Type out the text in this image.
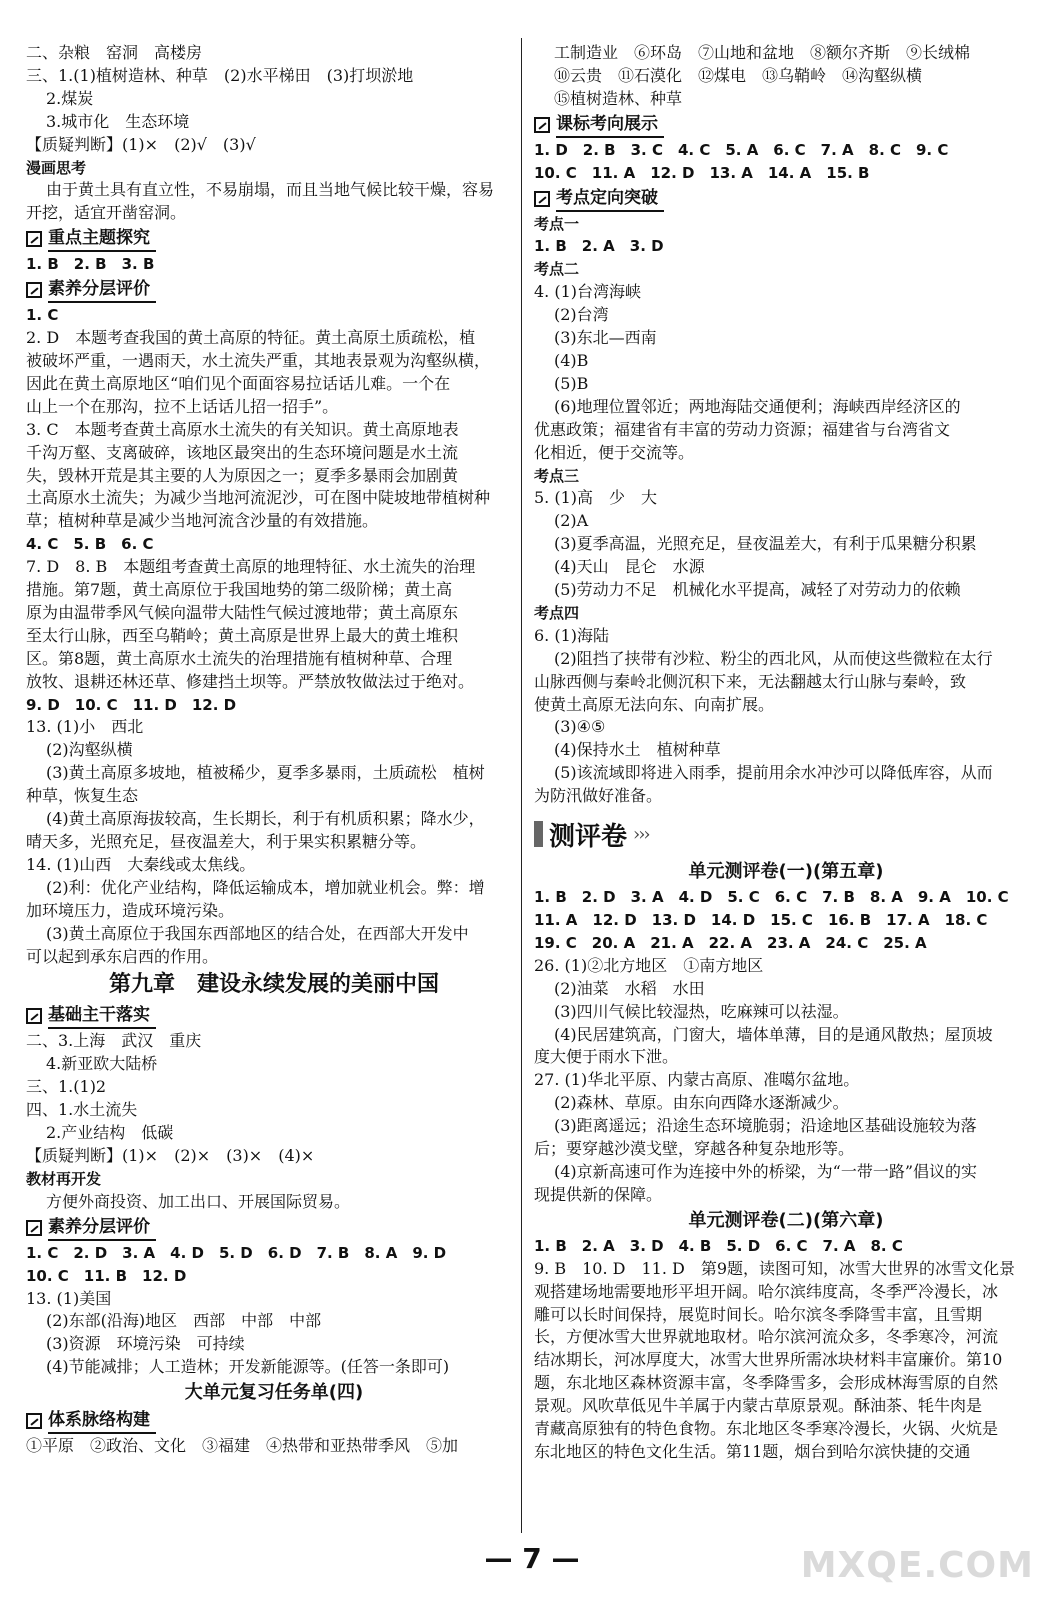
二、杂粮　窑洞　高楼房
三、1.(1)植树造林、种草　(2)水平梯田　(3)打坝淤地
2.煤炭
3.城市化　生态环境
【质疑判断】(1)×　(2)√　(3)√
漫画思考
由于黄土具有直立性，不易崩塌，而且当地气候比较干燥，容易
开挖，适宜开凿窑洞。
重点主题探究
1. B　2. B　3. B
素养分层评价
1. C
2. D　本题考查我国的黄土高原的特征。黄土高原土质疏松，植
被破坏严重，一遇雨天，水土流失严重，其地表景观为沟壑纵横，
因此在黄土高原地区“咱们见个面面容易拉话话儿难。一个在
山上一个在那沟，拉不上话话儿招一招手”。
3. C　本题考查黄土高原水土流失的有关知识。黄土高原地表
千沟万壑、支离破碎，该地区最突出的生态环境问题是水土流
失，毁林开荒是其主要的人为原因之一；夏季多暴雨会加剧黄
土高原水土流失；为减少当地河流泥沙，可在图中陡坡地带植树种
草；植树种草是减少当地河流含沙量的有效措施。
4. C　5. B　6. C
7. D　8. B　本题组考查黄土高原的地理特征、水土流失的治理
措施。第7题，黄土高原位于我国地势的第二级阶梯；黄土高
原为由温带季风气候向温带大陆性气候过渡地带；黄土高原东
至太行山脉，西至乌鞘岭；黄土高原是世界上最大的黄土堆积
区。第8题，黄土高原水土流失的治理措施有植树种草、合理
放牧、退耕还林还草、修建挡土坝等。严禁放牧做法过于绝对。
9. D　10. C　11. D　12. D
13. (1)小　西北
(2)沟壑纵横
(3)黄土高原多坡地，植被稀少，夏季多暴雨，土质疏松　植树
种草，恢复生态
(4)黄土高原海拔较高，生长期长，利于有机质积累；降水少，
晴天多，光照充足，昼夜温差大，利于果实积累糖分等。
14. (1)山西　大秦线或太焦线。
(2)利：优化产业结构，降低运输成本，增加就业机会。弊：增
加环境压力，造成环境污染。
(3)黄土高原位于我国东西部地区的结合处，在西部大开发中
可以起到承东启西的作用。
第九章　建设永续发展的美丽中国
基础主干落实
二、3.上海　武汉　重庆
4.新亚欧大陆桥
三、1.(1)2
四、1.水土流失
2.产业结构　低碳
【质疑判断】(1)×　(2)×　(3)×　(4)×
教材再开发
方便外商投资、加工出口、开展国际贸易。
素养分层评价
1. C　2. D　3. A　4. D　5. D　6. D　7. B　8. A　9. D
10. C　11. B　12. D
13. (1)美国
(2)东部(沿海)地区　西部　中部　中部
(3)资源　环境污染　可持续
(4)节能减排；人工造林；开发新能源等。(任答一条即可)
大单元复习任务单(四)
体系脉络构建
①平原　②政治、文化　③福建　④热带和亚热带季风　⑤加
工制造业　⑥环岛　⑦山地和盆地　⑧额尔齐斯　⑨长绒棉
⑩云贵　⑪石漠化　⑫煤电　⑬乌鞘岭　⑭沟壑纵横
⑮植树造林、种草
课标考向展示
1. D　2. B　3. C　4. C　5. A　6. C　7. A　8. C　9. C
10. C　11. A　12. D　13. A　14. A　15. B
考点定向突破
考点一
1. B　2. A　3. D
考点二
4. (1)台湾海峡
(2)台湾
(3)东北—西南
(4)B
(5)B
(6)地理位置邻近；两地海陆交通便利；海峡西岸经济区的
优惠政策；福建省有丰富的劳动力资源；福建省与台湾省文
化相近，便于交流等。
考点三
5. (1)高　少　大
(2)A
(3)夏季高温，光照充足，昼夜温差大，有利于瓜果糖分积累
(4)天山　昆仑　水源
(5)劳动力不足　机械化水平提高，减轻了对劳动力的依赖
考点四
6. (1)海陆
(2)阻挡了挟带有沙粒、粉尘的西北风，从而使这些微粒在太行
山脉西侧与秦岭北侧沉积下来，无法翻越太行山脉与秦岭，致
使黄土高原无法向东、向南扩展。
(3)④⑤
(4)保持水土　植树种草
(5)该流域即将进入雨季，提前用余水冲沙可以降低库容，从而
为防汛做好准备。
测评卷 ›››
单元测评卷(一)(第五章)
1. B　2. D　3. A　4. D　5. C　6. C　7. B　8. A　9. A　10. C
11. A　12. D　13. D　14. D　15. C　16. B　17. A　18. C
19. C　20. A　21. A　22. A　23. A　24. C　25. A
26. (1)②北方地区　①南方地区
(2)油菜　水稻　水田
(3)四川气候比较湿热，吃麻辣可以祛湿。
(4)民居建筑高，门窗大，墙体单薄，目的是通风散热；屋顶坡
度大便于雨水下泄。
27. (1)华北平原、内蒙古高原、准噶尔盆地。
(2)森林、草原。由东向西降水逐渐减少。
(3)距离遥远；沿途生态环境脆弱；沿途地区基础设施较为落
后；要穿越沙漠戈壁，穿越各种复杂地形等。
(4)京新高速可作为连接中外的桥梁，为“一带一路”倡议的实
现提供新的保障。
单元测评卷(二)(第六章)
1. B　2. A　3. D　4. B　5. D　6. C　7. A　8. C
9. B　10. D　11. D　第9题，读图可知，冰雪大世界的冰雪文化景
观搭建场地需要地形平坦开阔。哈尔滨纬度高，冬季严冷漫长，冰
雕可以长时间保持，展览时间长。哈尔滨冬季降雪丰富，且雪期
长，方便冰雪大世界就地取材。哈尔滨河流众多，冬季寒冷，河流
结冰期长，河冰厚度大，冰雪大世界所需冰块材料丰富廉价。第10
题，东北地区森林资源丰富，冬季降雪多，会形成林海雪原的自然
景观。风吹草低见牛羊属于内蒙古草原景观。酥油茶、牦牛肉是
青藏高原独有的特色食物。东北地区冬季寒冷漫长，火锅、火炕是
东北地区的特色文化生活。第11题，烟台到哈尔滨快捷的交通
— 7 —	MXQE.COM
